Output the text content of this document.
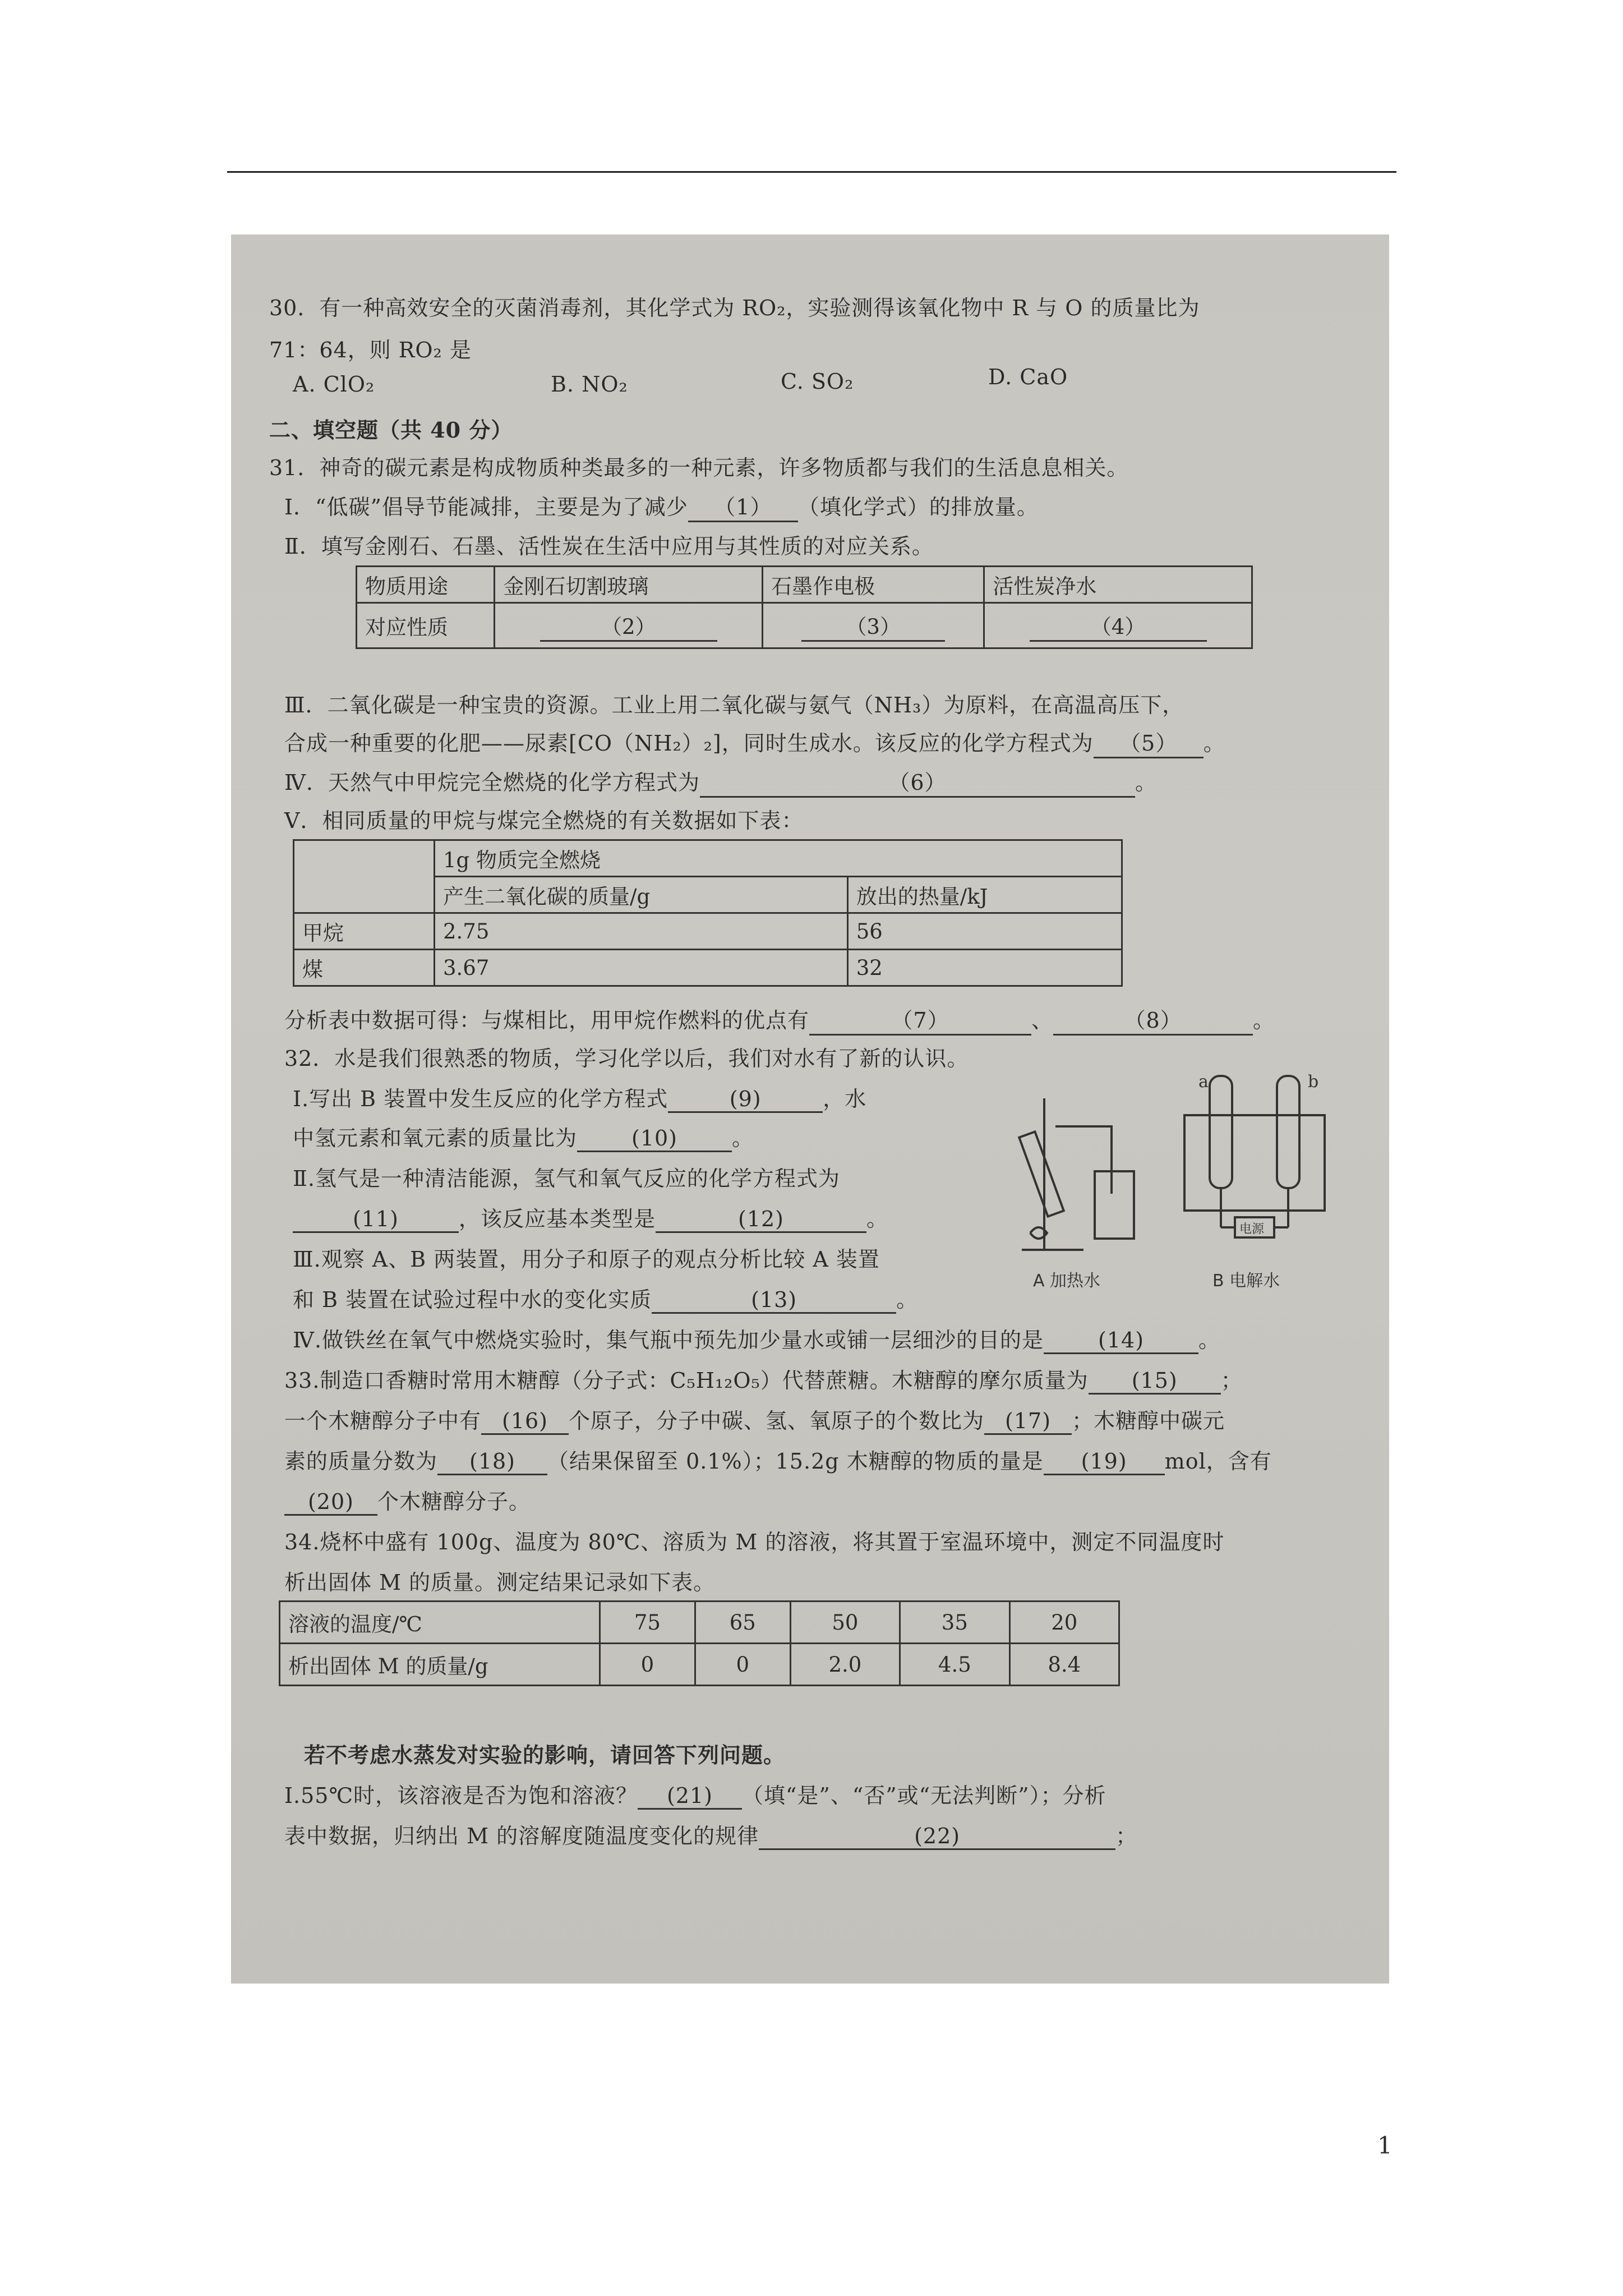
30．有一种高效安全的灭菌消毒剂，其化学式为 RO₂，实验测得该氧化物中 R 与 O 的质量比为
71：64，则 RO₂ 是
A. ClO₂	B. NO₂	C. SO₂	D. CaO
二、填空题（共 40 分）
31．神奇的碳元素是构成物质种类最多的一种元素，许多物质都与我们的生活息息相关。
Ⅰ．“低碳”倡导节能减排，主要是为了减少 （1） （填化学式）的排放量。
Ⅱ．填写金刚石、石墨、活性炭在生活中应用与其性质的对应关系。
物质用途	金刚石切割玻璃	石墨作电极	活性炭净水
对应性质	（2）	（3）	（4）
Ⅲ．二氧化碳是一种宝贵的资源。工业上用二氧化碳与氨气（NH₃）为原料，在高温高压下，
合成一种重要的化肥——尿素[CO（NH₂）₂]，同时生成水。该反应的化学方程式为 （5） 。
Ⅳ．天然气中甲烷完全燃烧的化学方程式为	（6）	。
Ⅴ．相同质量的甲烷与煤完全燃烧的有关数据如下表：
	1g 物质完全燃烧	
	产生二氧化碳的质量/g	放出的热量/kJ
甲烷	2.75	56
煤	3.67	32
分析表中数据可得：与煤相比，用甲烷作燃料的优点有	（7）	、	（8）	。
32．水是我们很熟悉的物质，学习化学以后，我们对水有了新的认识。
Ⅰ.写出 B 装置中发生反应的化学方程式	(9)	，水
中氢元素和氧元素的质量比为	(10)	。
Ⅱ.氢气是一种清洁能源，氢气和氧气反应的化学方程式为
(11)	，该反应基本类型是	(12)	。
Ⅲ.观察 A、B 两装置，用分子和原子的观点分析比较 A 装置
和 B 装置在试验过程中水的变化实质	(13)	。
Ⅳ.做铁丝在氧气中燃烧实验时，集气瓶中预先加少量水或铺一层细沙的目的是	(14)	。
a	b
电源
A 加热水	B 电解水
33.制造口香糖时常用木糖醇（分子式：C₅H₁₂O₅）代替蔗糖。木糖醇的摩尔质量为 (15) ；
一个木糖醇分子中有 (16) 个原子，分子中碳、氢、氧原子的个数比为 (17) ；木糖醇中碳元
素的质量分数为 (18) （结果保留至 0.1%）；15.2g 木糖醇的物质的量是 (19) mol，含有
(20) 个木糖醇分子。
34.烧杯中盛有 100g、温度为 80℃、溶质为 M 的溶液，将其置于室温环境中，测定不同温度时
析出固体 M 的质量。测定结果记录如下表。
溶液的温度/℃	75	65	50	35	20
析出固体 M 的质量/g	0	0	2.0	4.5	8.4
若不考虑水蒸发对实验的影响，请回答下列问题。
Ⅰ.55℃时，该溶液是否为饱和溶液？ (21) （填“是”、“否”或“无法判断”）；分析
表中数据，归纳出 M 的溶解度随温度变化的规律	(22)	；
1
